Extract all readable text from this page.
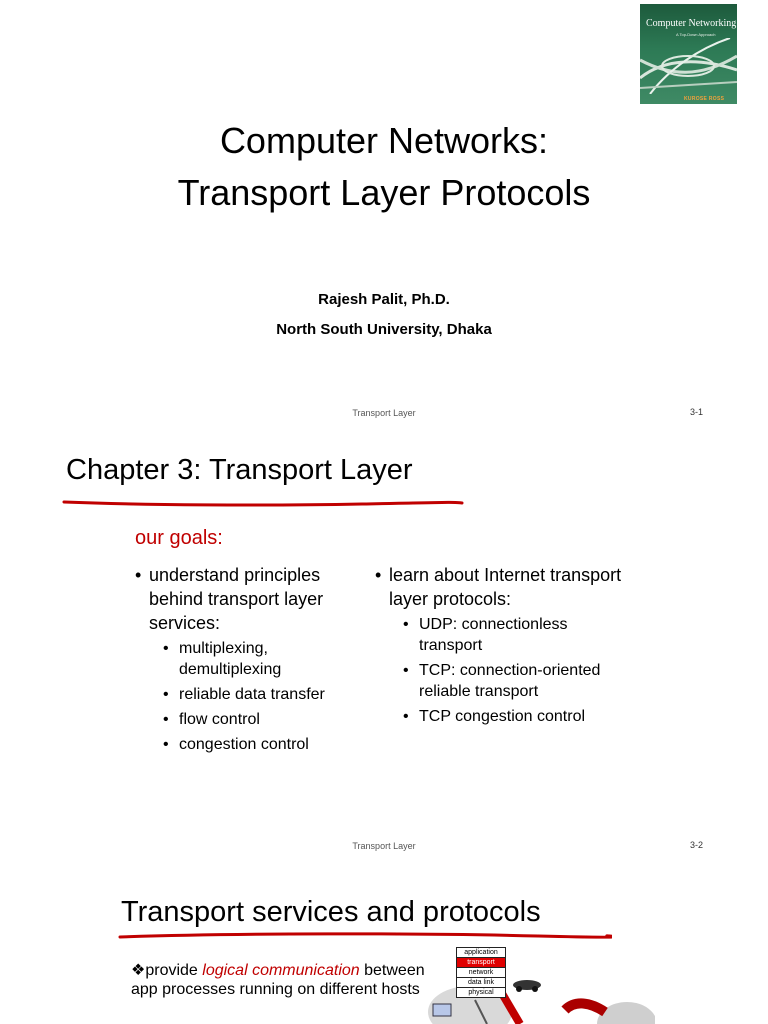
Computer Networking
A Top-Down Approach
KUROSE ROSS
Computer Networks:
Transport Layer Protocols
Rajesh Palit, Ph.D.
North South University, Dhaka
Transport Layer	3-1
Chapter 3: Transport Layer
our goals:
• understand principles behind transport layer services:
• multiplexing, demultiplexing
• reliable data transfer
• flow control
• congestion control
• learn about Internet transport layer protocols:
• UDP: connectionless transport
• TCP: connection-oriented reliable transport
• TCP congestion control
Transport Layer	3-2
Transport services and protocols
❖provide logical communication between app processes running on different hosts
application
transport
network
data link
physical
